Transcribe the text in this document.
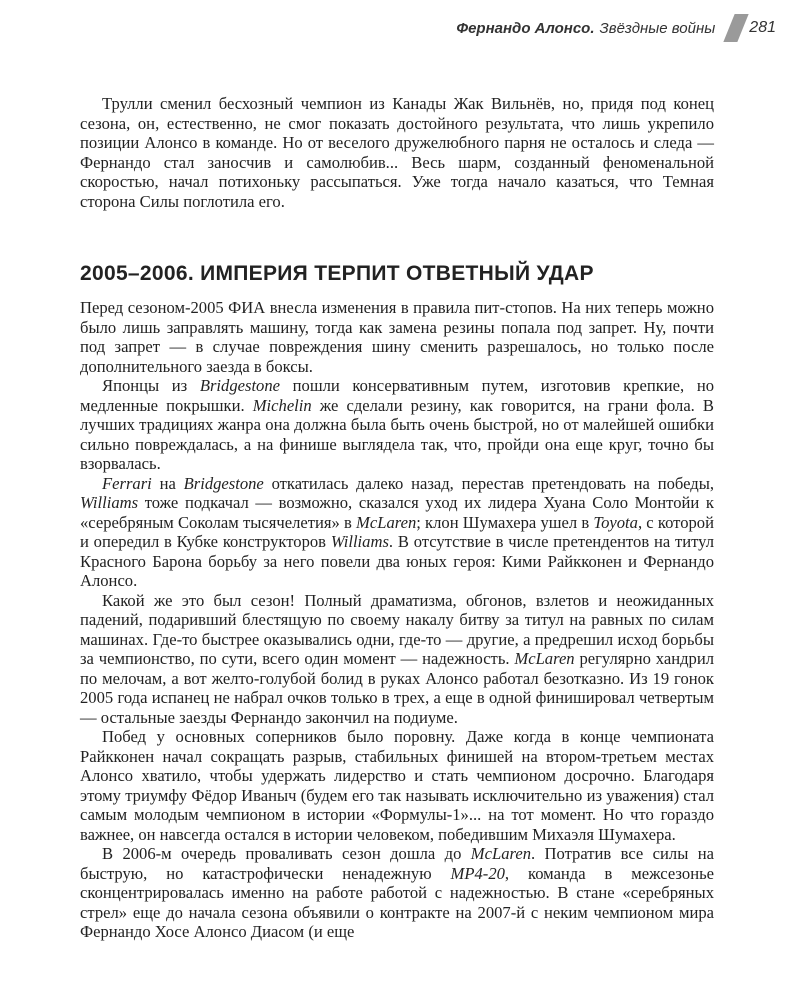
Фернандо Алонсо. Звёздные войны 281

Трулли сменил бесхозный чемпион из Канады Жак Вильнёв, но, придя под конец сезона, он, естественно, не смог показать достойного результата, что лишь укрепило позиции Алонсо в команде. Но от веселого дружелюбного парня не осталось и следа — Фернандо стал заносчив и самолюбив... Весь шарм, созданный феноменальной скоростью, начал потихоньку рассыпаться. Уже тогда начало казаться, что Темная сторона Силы поглотила его.

2005–2006. ИМПЕРИЯ ТЕРПИТ ОТВЕТНЫЙ УДАР

Перед сезоном-2005 ФИА внесла изменения в правила пит-стопов. На них теперь можно было лишь заправлять машину, тогда как замена резины попала под запрет. Ну, почти под запрет — в случае повреждения шину сменить разрешалось, но только после дополнительного заезда в боксы.

Японцы из Bridgestone пошли консервативным путем, изготовив крепкие, но медленные покрышки. Michelin же сделали резину, как говорится, на грани фола. В лучших традициях жанра она должна была быть очень быстрой, но от малейшей ошибки сильно повреждалась, а на финише выглядела так, что, пройди она еще круг, точно бы взорвалась.

Ferrari на Bridgestone откатилась далеко назад, перестав претендовать на победы, Williams тоже подкачал — возможно, сказался уход их лидера Хуана Соло Монтойи к «серебряным Соколам тысячелетия» в McLaren; клон Шумахера ушел в Toyota, с которой и опередил в Кубке конструкторов Williams. В отсутствие в числе претендентов на титул Красного Барона борьбу за него повели два юных героя: Кими Райкконен и Фернандо Алонсо.

Какой же это был сезон! Полный драматизма, обгонов, взлетов и неожиданных падений, подаривший блестящую по своему накалу битву за титул на равных по силам машинах. Где-то быстрее оказывались одни, где-то — другие, а предрешил исход борьбы за чемпионство, по сути, всего один момент — надежность. McLaren регулярно хандрил по мелочам, а вот желто-голубой болид в руках Алонсо работал безотказно. Из 19 гонок 2005 года испанец не набрал очков только в трех, а еще в одной финишировал четвертым — остальные заезды Фернандо закончил на подиуме.

Побед у основных соперников было поровну. Даже когда в конце чемпионата Райкконен начал сокращать разрыв, стабильных финишей на втором-третьем местах Алонсо хватило, чтобы удержать лидерство и стать чемпионом досрочно. Благодаря этому триумфу Фёдор Иваныч (будем его так называть исключительно из уважения) стал самым молодым чемпионом в истории «Формулы-1»... на тот момент. Но что гораздо важнее, он навсегда остался в истории человеком, победившим Михаэля Шумахера.

В 2006-м очередь проваливать сезон дошла до McLaren. Потратив все силы на быструю, но катастрофически ненадежную MP4-20, команда в межсезонье сконцентрировалась именно на работе работой с надежностью. В стане «серебряных стрел» еще до начала сезона объявили о контракте на 2007-й с неким чемпионом мира Фернандо Хосе Алонсо Диасом (и еще
